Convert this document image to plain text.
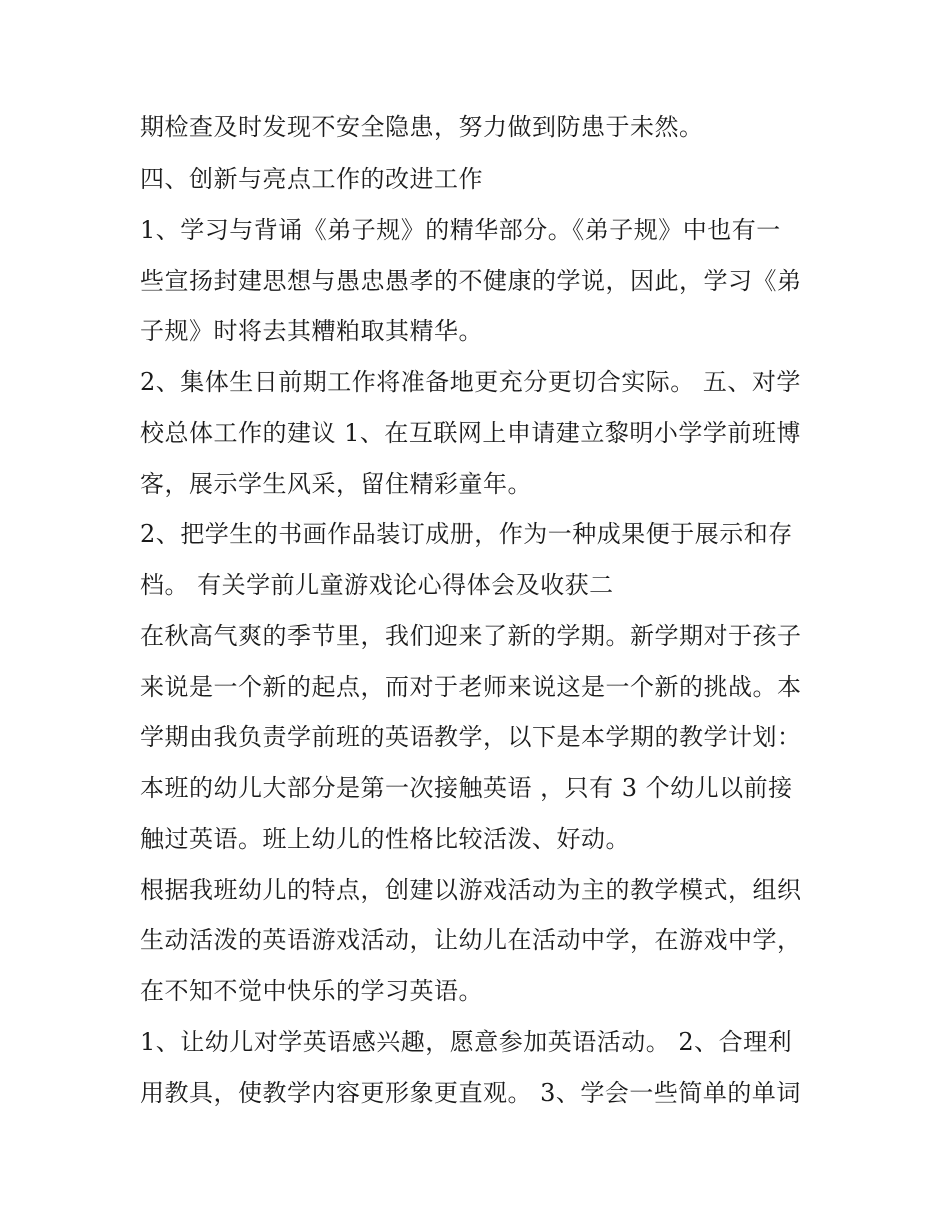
期检查及时发现不安全隐患，努力做到防患于未然。
四、创新与亮点工作的改进工作
1、学习与背诵《弟子规》的精华部分。《弟子规》中也有一
些宣扬封建思想与愚忠愚孝的不健康的学说，因此，学习《弟
子规》时将去其糟粕取其精华。
2、集体生日前期工作将准备地更充分更切合实际。 五、对学
校总体工作的建议 1、在互联网上申请建立黎明小学学前班博
客，展示学生风采，留住精彩童年。
2、把学生的书画作品装订成册，作为一种成果便于展示和存
档。 有关学前儿童游戏论心得体会及收获二
在秋高气爽的季节里，我们迎来了新的学期。新学期对于孩子
来说是一个新的起点，而对于老师来说这是一个新的挑战。本
学期由我负责学前班的英语教学，以下是本学期的教学计划：
本班的幼儿大部分是第一次接触英语 ，只有 3 个幼儿以前接
触过英语。班上幼儿的性格比较活泼、好动。
根据我班幼儿的特点，创建以游戏活动为主的教学模式，组织
生动活泼的英语游戏活动，让幼儿在活动中学，在游戏中学，
在不知不觉中快乐的学习英语。
1、让幼儿对学英语感兴趣，愿意参加英语活动。 2、合理利
用教具，使教学内容更形象更直观。 3、学会一些简单的单词
